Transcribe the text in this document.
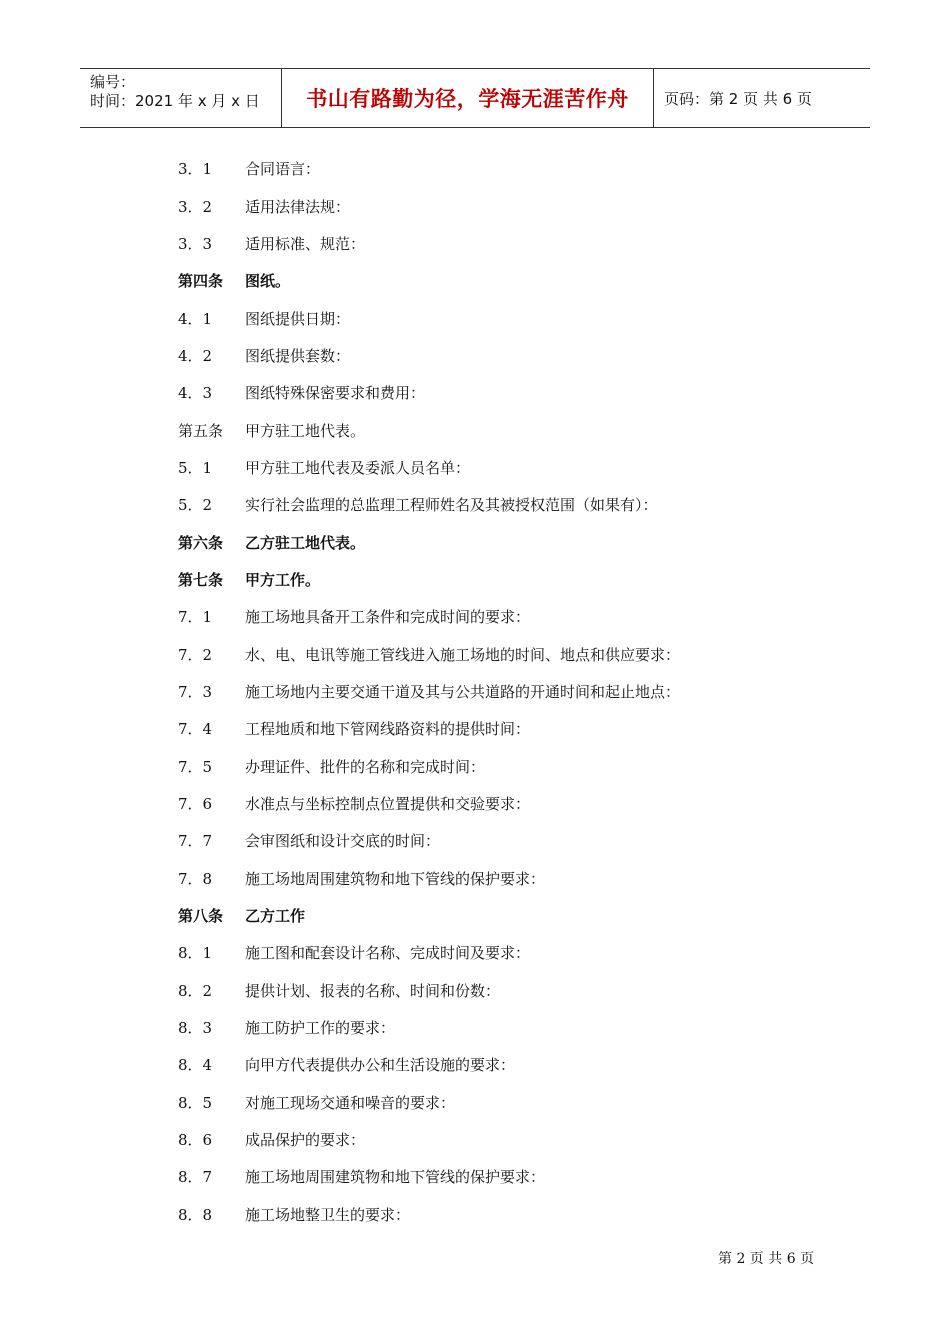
编号：
时间：2021 年 x 月 x 日	书山有路勤为径，学海无涯苦作舟	页码：第 2 页 共 6 页
3．1	合同语言：
3．2	适用法律法规：
3．3	适用标准、规范：
第四条	图纸。
4．1	图纸提供日期：
4．2	图纸提供套数：
4．3	图纸特殊保密要求和费用：
第五条	甲方驻工地代表。
5．1	甲方驻工地代表及委派人员名单：
5．2	实行社会监理的总监理工程师姓名及其被授权范围（如果有）：
第六条	乙方驻工地代表。
第七条	甲方工作。
7．1	施工场地具备开工条件和完成时间的要求：
7．2	水、电、电讯等施工管线进入施工场地的时间、地点和供应要求：
7．3	施工场地内主要交通干道及其与公共道路的开通时间和起止地点：
7．4	工程地质和地下管网线路资料的提供时间：
7．5	办理证件、批件的名称和完成时间：
7．6	水准点与坐标控制点位置提供和交验要求：
7．7	会审图纸和设计交底的时间：
7．8	施工场地周围建筑物和地下管线的保护要求：
第八条	乙方工作
8．1	施工图和配套设计名称、完成时间及要求：
8．2	提供计划、报表的名称、时间和份数：
8．3	施工防护工作的要求：
8．4	向甲方代表提供办公和生活设施的要求：
8．5	对施工现场交通和噪音的要求：
8．6	成品保护的要求：
8．7	施工场地周围建筑物和地下管线的保护要求：
8．8	施工场地整卫生的要求：
第 2 页 共 6 页
